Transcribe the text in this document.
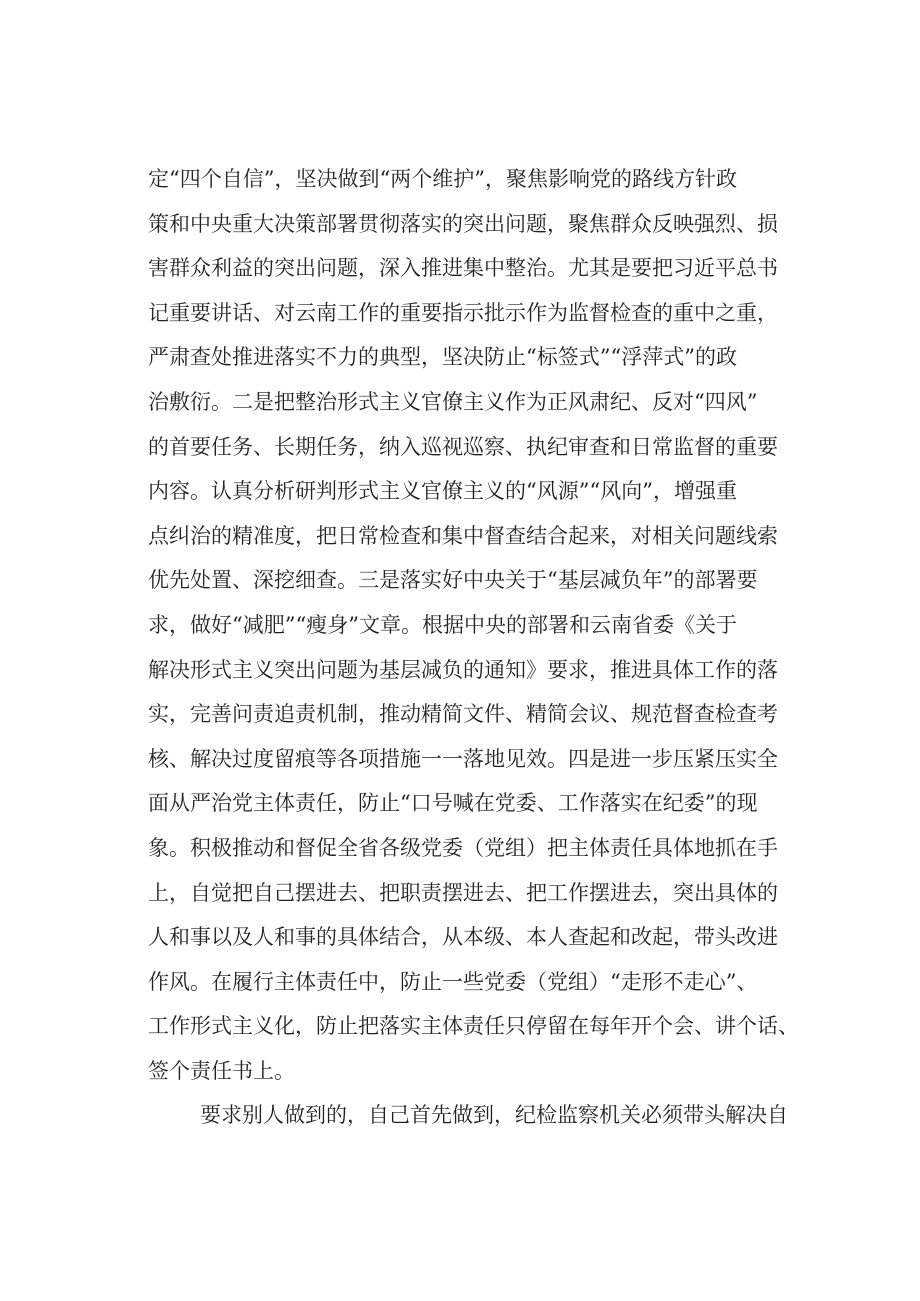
定“四个自信”，坚决做到“两个维护”，聚焦影响党的路线方针政
策和中央重大决策部署贯彻落实的突出问题，聚焦群众反映强烈、损
害群众利益的突出问题，深入推进集中整治。尤其是要把习近平总书
记重要讲话、对云南工作的重要指示批示作为监督检查的重中之重，
严肃查处推进落实不力的典型，坚决防止“标签式”“浮萍式”的政
治敷衍。二是把整治形式主义官僚主义作为正风肃纪、反对“四风”
的首要任务、长期任务，纳入巡视巡察、执纪审查和日常监督的重要
内容。认真分析研判形式主义官僚主义的“风源”“风向”，增强重
点纠治的精准度，把日常检查和集中督查结合起来，对相关问题线索
优先处置、深挖细查。三是落实好中央关于“基层减负年”的部署要
求，做好“减肥”“瘦身”文章。根据中央的部署和云南省委《关于
解决形式主义突出问题为基层减负的通知》要求，推进具体工作的落
实，完善问责追责机制，推动精简文件、精简会议、规范督查检查考
核、解决过度留痕等各项措施一一落地见效。四是进一步压紧压实全
面从严治党主体责任，防止“口号喊在党委、工作落实在纪委”的现
象。积极推动和督促全省各级党委（党组）把主体责任具体地抓在手
上，自觉把自己摆进去、把职责摆进去、把工作摆进去，突出具体的
人和事以及人和事的具体结合，从本级、本人查起和改起，带头改进
作风。在履行主体责任中，防止一些党委（党组）“走形不走心”、
工作形式主义化，防止把落实主体责任只停留在每年开个会、讲个话、
签个责任书上。
要求别人做到的，自己首先做到，纪检监察机关必须带头解决自
